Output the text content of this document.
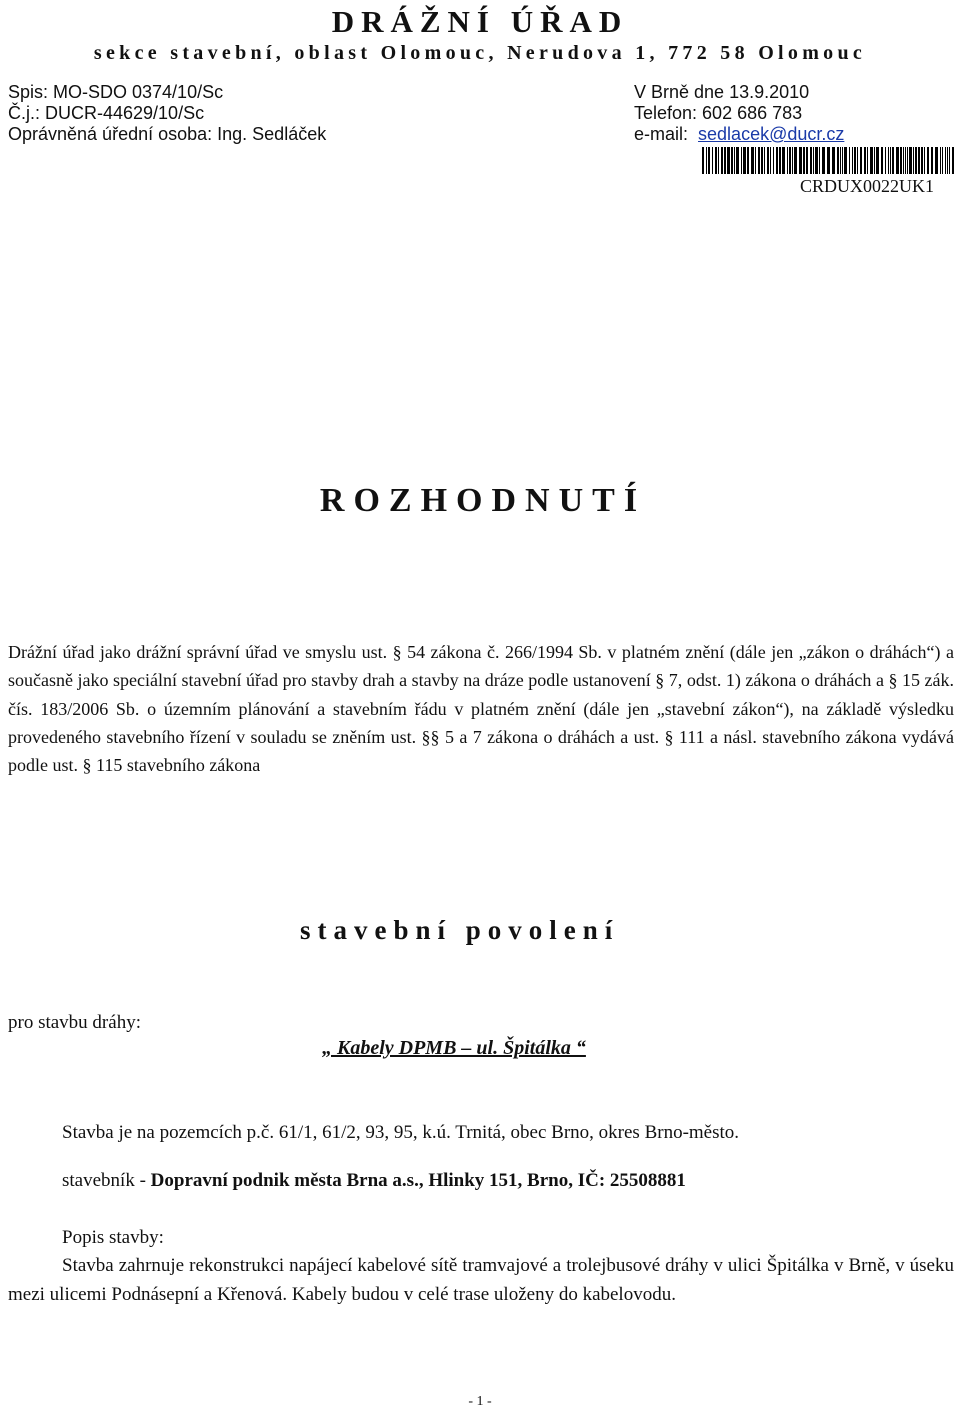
DRÁŽNÍ ÚŘAD
sekce stavební, oblast Olomouc, Nerudova 1, 772 58 Olomouc
Spis: MO-SDO 0374/10/Sc
Č.j.: DUCR-44629/10/Sc
Oprávněná úřední osoba: Ing. Sedláček
V Brně dne 13.9.2010
Telefon: 602 686 783
e-mail: sedlacek@ducr.cz
CRDUX0022UK1
ROZHODNUTÍ
Drážní úřad jako drážní správní úřad ve smyslu ust. § 54 zákona č. 266/1994 Sb. v platném znění (dále jen „zákon o dráhách“) a současně jako speciální stavební úřad pro stavby drah a stavby na dráze podle ustanovení § 7, odst. 1) zákona o dráhách a § 15 zák. čís. 183/2006 Sb. o územním plánování a stavebním řádu v platném znění (dále jen „stavební zákon“), na základě výsledku provedeného stavebního řízení v souladu se zněním ust. §§ 5 a 7 zákona o dráhách a ust. § 111 a násl. stavebního zákona vydává podle ust. § 115 stavebního zákona
stavební povolení
pro stavbu dráhy:
„ Kabely DPMB – ul. Špitálka “
Stavba je na pozemcích p.č. 61/1, 61/2, 93, 95, k.ú. Trnitá, obec Brno, okres Brno-město.
stavebník - Dopravní podnik města Brna a.s., Hlinky 151, Brno, IČ: 25508881
Popis stavby:
Stavba zahrnuje rekonstrukci napájecí kabelové sítě tramvajové a trolejbusové dráhy v ulici Špitálka v Brně, v úseku mezi ulicemi Podnásepní a Křenová. Kabely budou v celé trase uloženy do kabelovodu.
- 1 -
